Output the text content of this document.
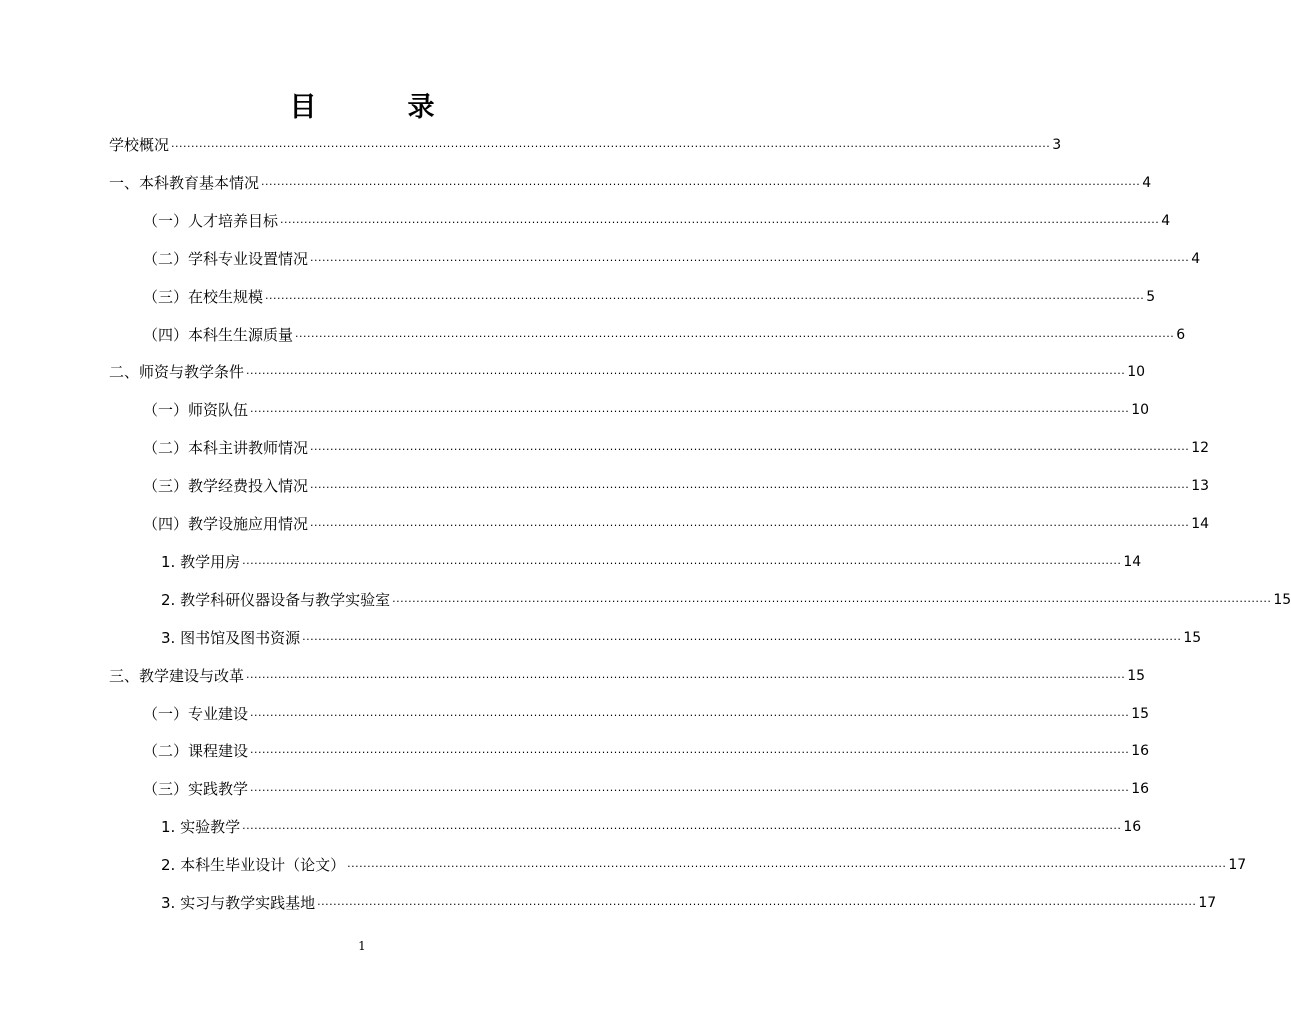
目　录
学校概况 ............................................................................................................................................................................................................................ 3
一、本科教育基本情况 ............................................................................................................................................................................................................................ 4
（一）人才培养目标 ............................................................................................................................................................................................................................ 4
（二）学科专业设置情况 ............................................................................................................................................................................................................................ 4
（三）在校生规模 ............................................................................................................................................................................................................................ 5
（四）本科生生源质量 ............................................................................................................................................................................................................................ 6
二、师资与教学条件 ............................................................................................................................................................................................................................ 10
（一）师资队伍 ............................................................................................................................................................................................................................ 10
（二）本科主讲教师情况 ............................................................................................................................................................................................................................ 12
（三）教学经费投入情况 ............................................................................................................................................................................................................................ 13
（四）教学设施应用情况 ............................................................................................................................................................................................................................ 14
1. 教学用房 ............................................................................................................................................................................................................................ 14
2. 教学科研仪器设备与教学实验室 ............................................................................................................................................................................................................................ 15
3. 图书馆及图书资源 ............................................................................................................................................................................................................................ 15
三、教学建设与改革 ............................................................................................................................................................................................................................ 15
（一）专业建设 ............................................................................................................................................................................................................................ 15
（二）课程建设 ............................................................................................................................................................................................................................ 16
（三）实践教学 ............................................................................................................................................................................................................................ 16
1. 实验教学 ............................................................................................................................................................................................................................ 16
2. 本科生毕业设计（论文） ............................................................................................................................................................................................................................ 17
3. 实习与教学实践基地 ............................................................................................................................................................................................................................ 17
1
